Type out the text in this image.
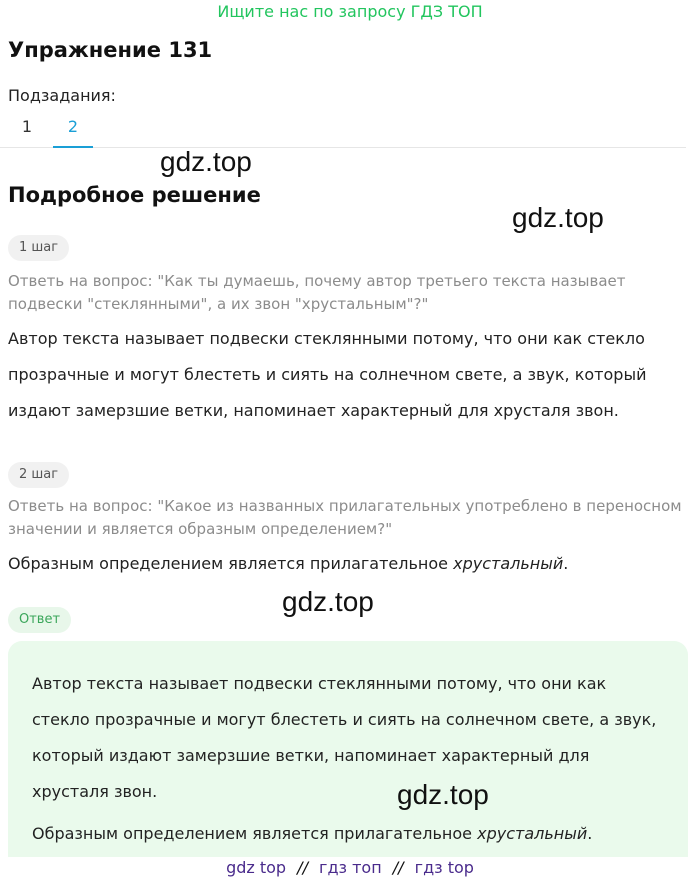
Ищите нас по запросу ГДЗ ТОП
Упражнение 131
Подзадания:
1	2
Подробное решение
1 шаг

Ответь на вопрос: "Как ты думаешь, почему автор третьего текста называет подвески "стеклянными", а их звон "хрустальным"?"

Автор текста называет подвески стеклянными потому, что они как стекло прозрачные и могут блестеть и сиять на солнечном свете, а звук, который издают замерзшие ветки, напоминает характерный для хрусталя звон.

2 шаг

Ответь на вопрос: "Какое из названных прилагательных употреблено в переносном значении и является образным определением?"

Образным определением является прилагательное хрустальный.

Ответ

Автор текста называет подвески стеклянными потому, что они как стекло прозрачные и могут блестеть и сиять на солнечном свете, а звук, который издают замерзшие ветки, напоминает характерный для хрусталя звон.

Образным определением является прилагательное хрустальный.

gdz.top
gdz.top
gdz.top
gdz.top
gdz top // гдз топ // гдз top
